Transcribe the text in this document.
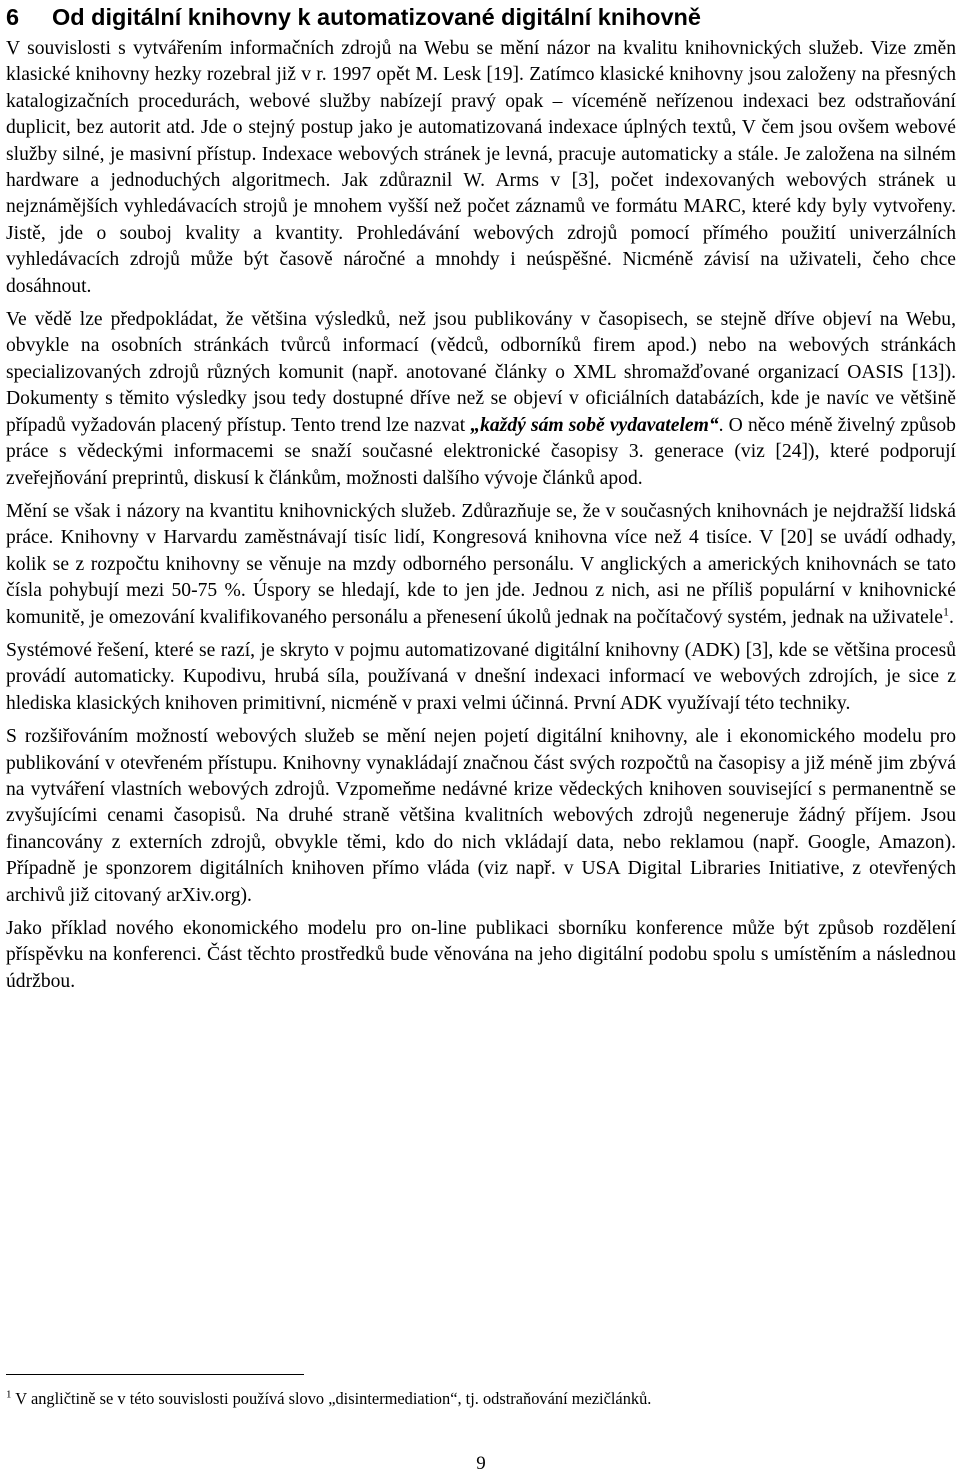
6 Od digitální knihovny k automatizované digitální knihovně

V souvislosti s vytvářením informačních zdrojů na Webu se mění názor na kvalitu knihovnických služeb. Vize změn klasické knihovny hezky rozebral již v r. 1997 opět M. Lesk [19]. Zatímco klasické knihovny jsou založeny na přesných katalogizačních procedurách, webové služby nabízejí pravý opak – víceméně neřízenou indexaci bez odstraňování duplicit, bez autorit atd. Jde o stejný postup jako je automatizovaná indexace úplných textů, V čem jsou ovšem webové služby silné, je masivní přístup. Indexace webových stránek je levná, pracuje automaticky a stále. Je založena na silném hardware a jednoduchých algoritmech. Jak zdůraznil W. Arms v [3], počet indexovaných webových stránek u nejznámějších vyhledávacích strojů je mnohem vyšší než počet záznamů ve formátu MARC, které kdy byly vytvořeny. Jistě, jde o souboj kvality a kvantity. Prohledávání webových zdrojů pomocí přímého použití univerzálních vyhledávacích zdrojů může být časově náročné a mnohdy i neúspěšné. Nicméně závisí na uživateli, čeho chce dosáhnout.

Ve vědě lze předpokládat, že většina výsledků, než jsou publikovány v časopisech, se stejně dříve objeví na Webu, obvykle na osobních stránkách tvůrců informací (vědců, odborníků firem apod.) nebo na webových stránkách specializovaných zdrojů různých komunit (např. anotované články o XML shromažďované organizací OASIS [13]). Dokumenty s těmito výsledky jsou tedy dostupné dříve než se objeví v oficiálních databázích, kde je navíc ve většině případů vyžadován placený přístup. Tento trend lze nazvat „každý sám sobě vydavatelem“. O něco méně živelný způsob práce s vědeckými informacemi se snaží současné elektronické časopisy 3. generace (viz [24]), které podporují zveřejňování preprintů, diskusí k článkům, možnosti dalšího vývoje článků apod.

Mění se však i názory na kvantitu knihovnických služeb. Zdůrazňuje se, že v současných knihovnách je nejdražší lidská práce. Knihovny v Harvardu zaměstnávají tisíc lidí, Kongresová knihovna více než 4 tisíce. V [20] se uvádí odhady, kolik se z rozpočtu knihovny se věnuje na mzdy odborného personálu. V anglických a amerických knihovnách se tato čísla pohybují mezi 50-75 %. Úspory se hledají, kde to jen jde. Jednou z nich, asi ne příliš populární v knihovnické komunitě, je omezování kvalifikovaného personálu a přenesení úkolů jednak na počítačový systém, jednak na uživatele$^1$.

Systémové řešení, které se razí, je skryto v pojmu automatizované digitální knihovny (ADK) [3], kde se většina procesů provádí automaticky. Kupodivu, hrubá síla, používaná v dnešní indexaci informací ve webových zdrojích, je sice z hlediska klasických knihoven primitivní, nicméně v praxi velmi účinná. První ADK využívají této techniky.

S rozšiřováním možností webových služeb se mění nejen pojetí digitální knihovny, ale i ekonomického modelu pro publikování v otevřeném přístupu. Knihovny vynakládají značnou část svých rozpočtů na časopisy a již méně jim zbývá na vytváření vlastních webových zdrojů. Vzpomeňme nedávné krize vědeckých knihoven související s permanentně se zvyšujícími cenami časopisů. Na druhé straně většina kvalitních webových zdrojů negeneruje žádný příjem. Jsou financovány z externích zdrojů, obvykle těmi, kdo do nich vkládají data, nebo reklamou (např. Google, Amazon). Případně je sponzorem digitálních knihoven přímo vláda (viz např. v USA Digital Libraries Initiative, z otevřených archivů již citovaný arXiv.org).

Jako příklad nového ekonomického modelu pro on-line publikaci sborníku konference může být způsob rozdělení příspěvku na konferenci. Část těchto prostředků bude věnována na jeho digitální podobu spolu s umístěním a následnou údržbou.

$^1$ V angličtině se v této souvislosti používá slovo „disintermediation“, tj. odstraňování mezičlánků.
9
